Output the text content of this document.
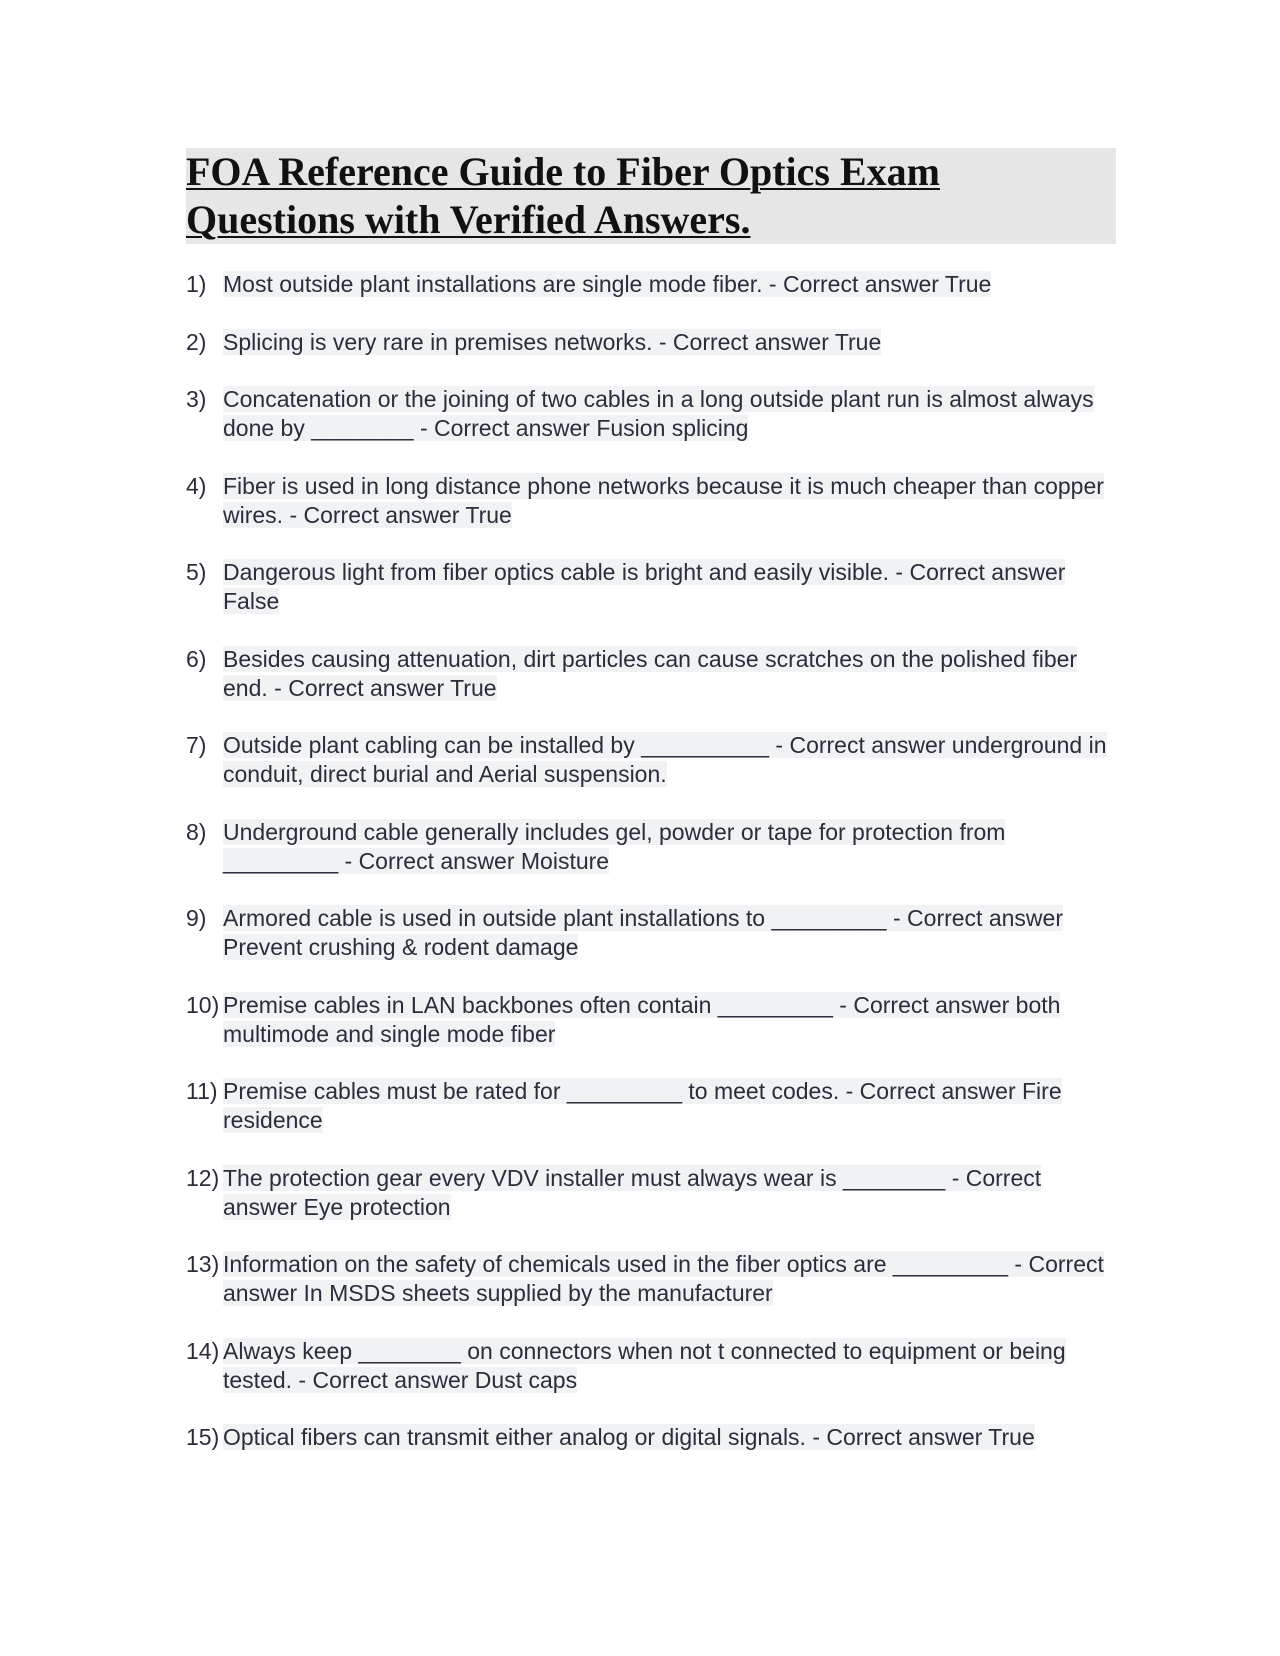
FOA Reference Guide to Fiber Optics Exam Questions with Verified Answers.
1) Most outside plant installations are single mode fiber. - Correct answer True
2) Splicing is very rare in premises networks. - Correct answer True
3) Concatenation or the joining of two cables in a long outside plant run is almost always done by ________ - Correct answer Fusion splicing
4) Fiber is used in long distance phone networks because it is much cheaper than copper wires. - Correct answer True
5) Dangerous light from fiber optics cable is bright and easily visible. - Correct answer False
6) Besides causing attenuation, dirt particles can cause scratches on the polished fiber end. - Correct answer True
7) Outside plant cabling can be installed by __________ - Correct answer underground in conduit, direct burial and Aerial suspension.
8) Underground cable generally includes gel, powder or tape for protection from _________ - Correct answer Moisture
9) Armored cable is used in outside plant installations to _________ - Correct answer Prevent crushing & rodent damage
10) Premise cables in LAN backbones often contain _________ - Correct answer both multimode and single mode fiber
11) Premise cables must be rated for _________ to meet codes. - Correct answer Fire residence
12) The protection gear every VDV installer must always wear is ________ - Correct answer Eye protection
13) Information on the safety of chemicals used in the fiber optics are _________ - Correct answer In MSDS sheets supplied by the manufacturer
14) Always keep ________ on connectors when not t connected to equipment or being tested. - Correct answer Dust caps
15) Optical fibers can transmit either analog or digital signals. - Correct answer True
